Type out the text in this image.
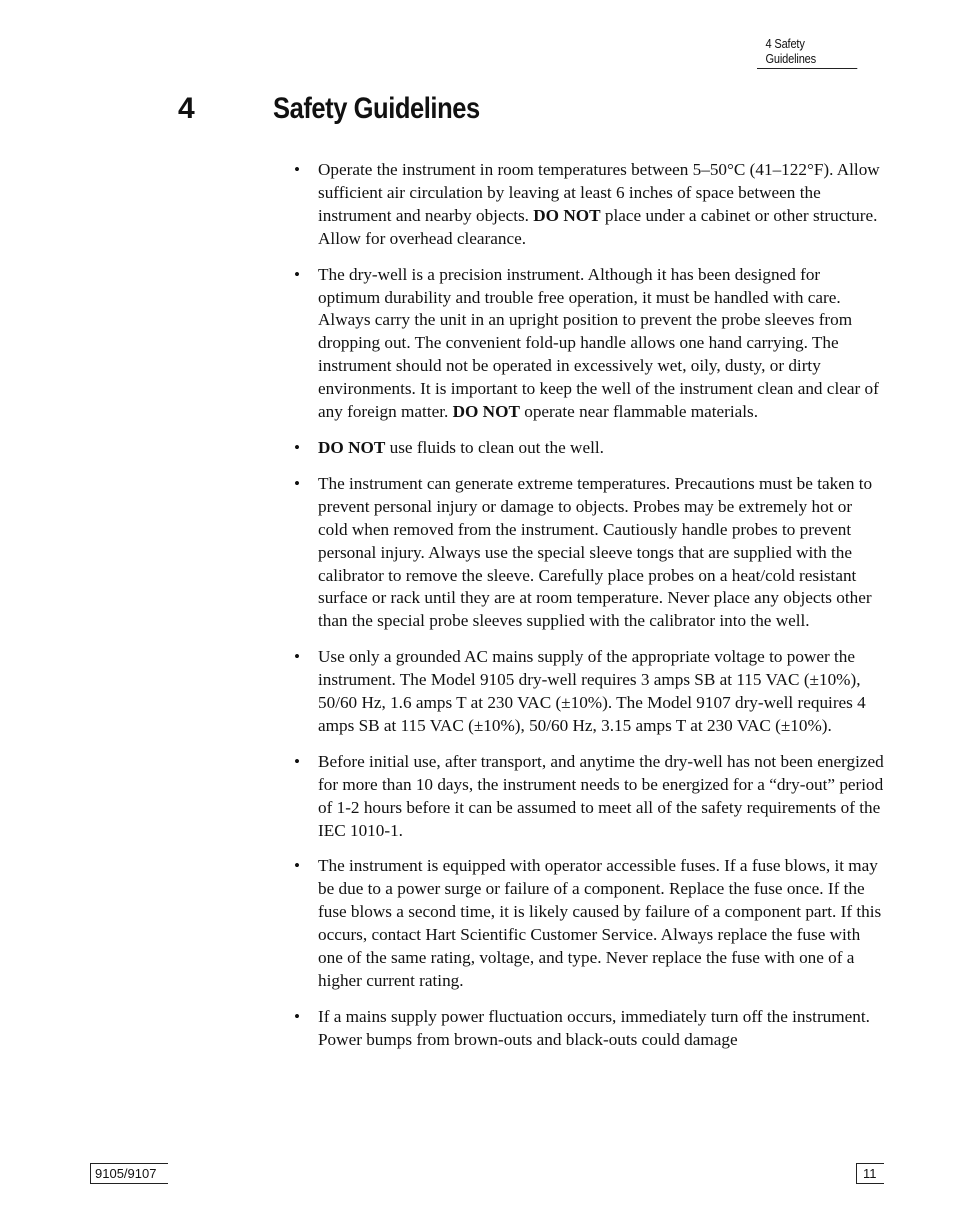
4 Safety Guidelines
4	Safety Guidelines
• Operate the instrument in room temperatures between 5–50°C (41–122°F). Allow sufficient air circulation by leaving at least 6 inches of space between the instrument and nearby objects. DO NOT place under a cabinet or other structure. Allow for overhead clearance.
• The dry-well is a precision instrument. Although it has been designed for optimum durability and trouble free operation, it must be handled with care. Always carry the unit in an upright position to prevent the probe sleeves from dropping out. The convenient fold-up handle allows one hand carrying. The instrument should not be operated in excessively wet, oily, dusty, or dirty environments. It is important to keep the well of the instrument clean and clear of any foreign matter. DO NOT operate near flammable materials.
• DO NOT use fluids to clean out the well.
• The instrument can generate extreme temperatures. Precautions must be taken to prevent personal injury or damage to objects. Probes may be extremely hot or cold when removed from the instrument. Cautiously handle probes to prevent personal injury. Always use the special sleeve tongs that are supplied with the calibrator to remove the sleeve. Carefully place probes on a heat/cold resistant surface or rack until they are at room temperature. Never place any objects other than the special probe sleeves supplied with the calibrator into the well.
• Use only a grounded AC mains supply of the appropriate voltage to power the instrument. The Model 9105 dry-well requires 3 amps SB at 115 VAC (±10%), 50/60 Hz, 1.6 amps T at 230 VAC (±10%). The Model 9107 dry-well requires 4 amps SB at 115 VAC (±10%), 50/60 Hz, 3.15 amps T at 230 VAC (±10%).
• Before initial use, after transport, and anytime the dry-well has not been energized for more than 10 days, the instrument needs to be energized for a “dry-out” period of 1-2 hours before it can be assumed to meet all of the safety requirements of the IEC 1010-1.
• The instrument is equipped with operator accessible fuses. If a fuse blows, it may be due to a power surge or failure of a component. Replace the fuse once. If the fuse blows a second time, it is likely caused by failure of a component part. If this occurs, contact Hart Scientific Customer Service. Always replace the fuse with one of the same rating, voltage, and type. Never replace the fuse with one of a higher current rating.
• If a mains supply power fluctuation occurs, immediately turn off the instrument. Power bumps from brown-outs and black-outs could damage
9105/9107	11
